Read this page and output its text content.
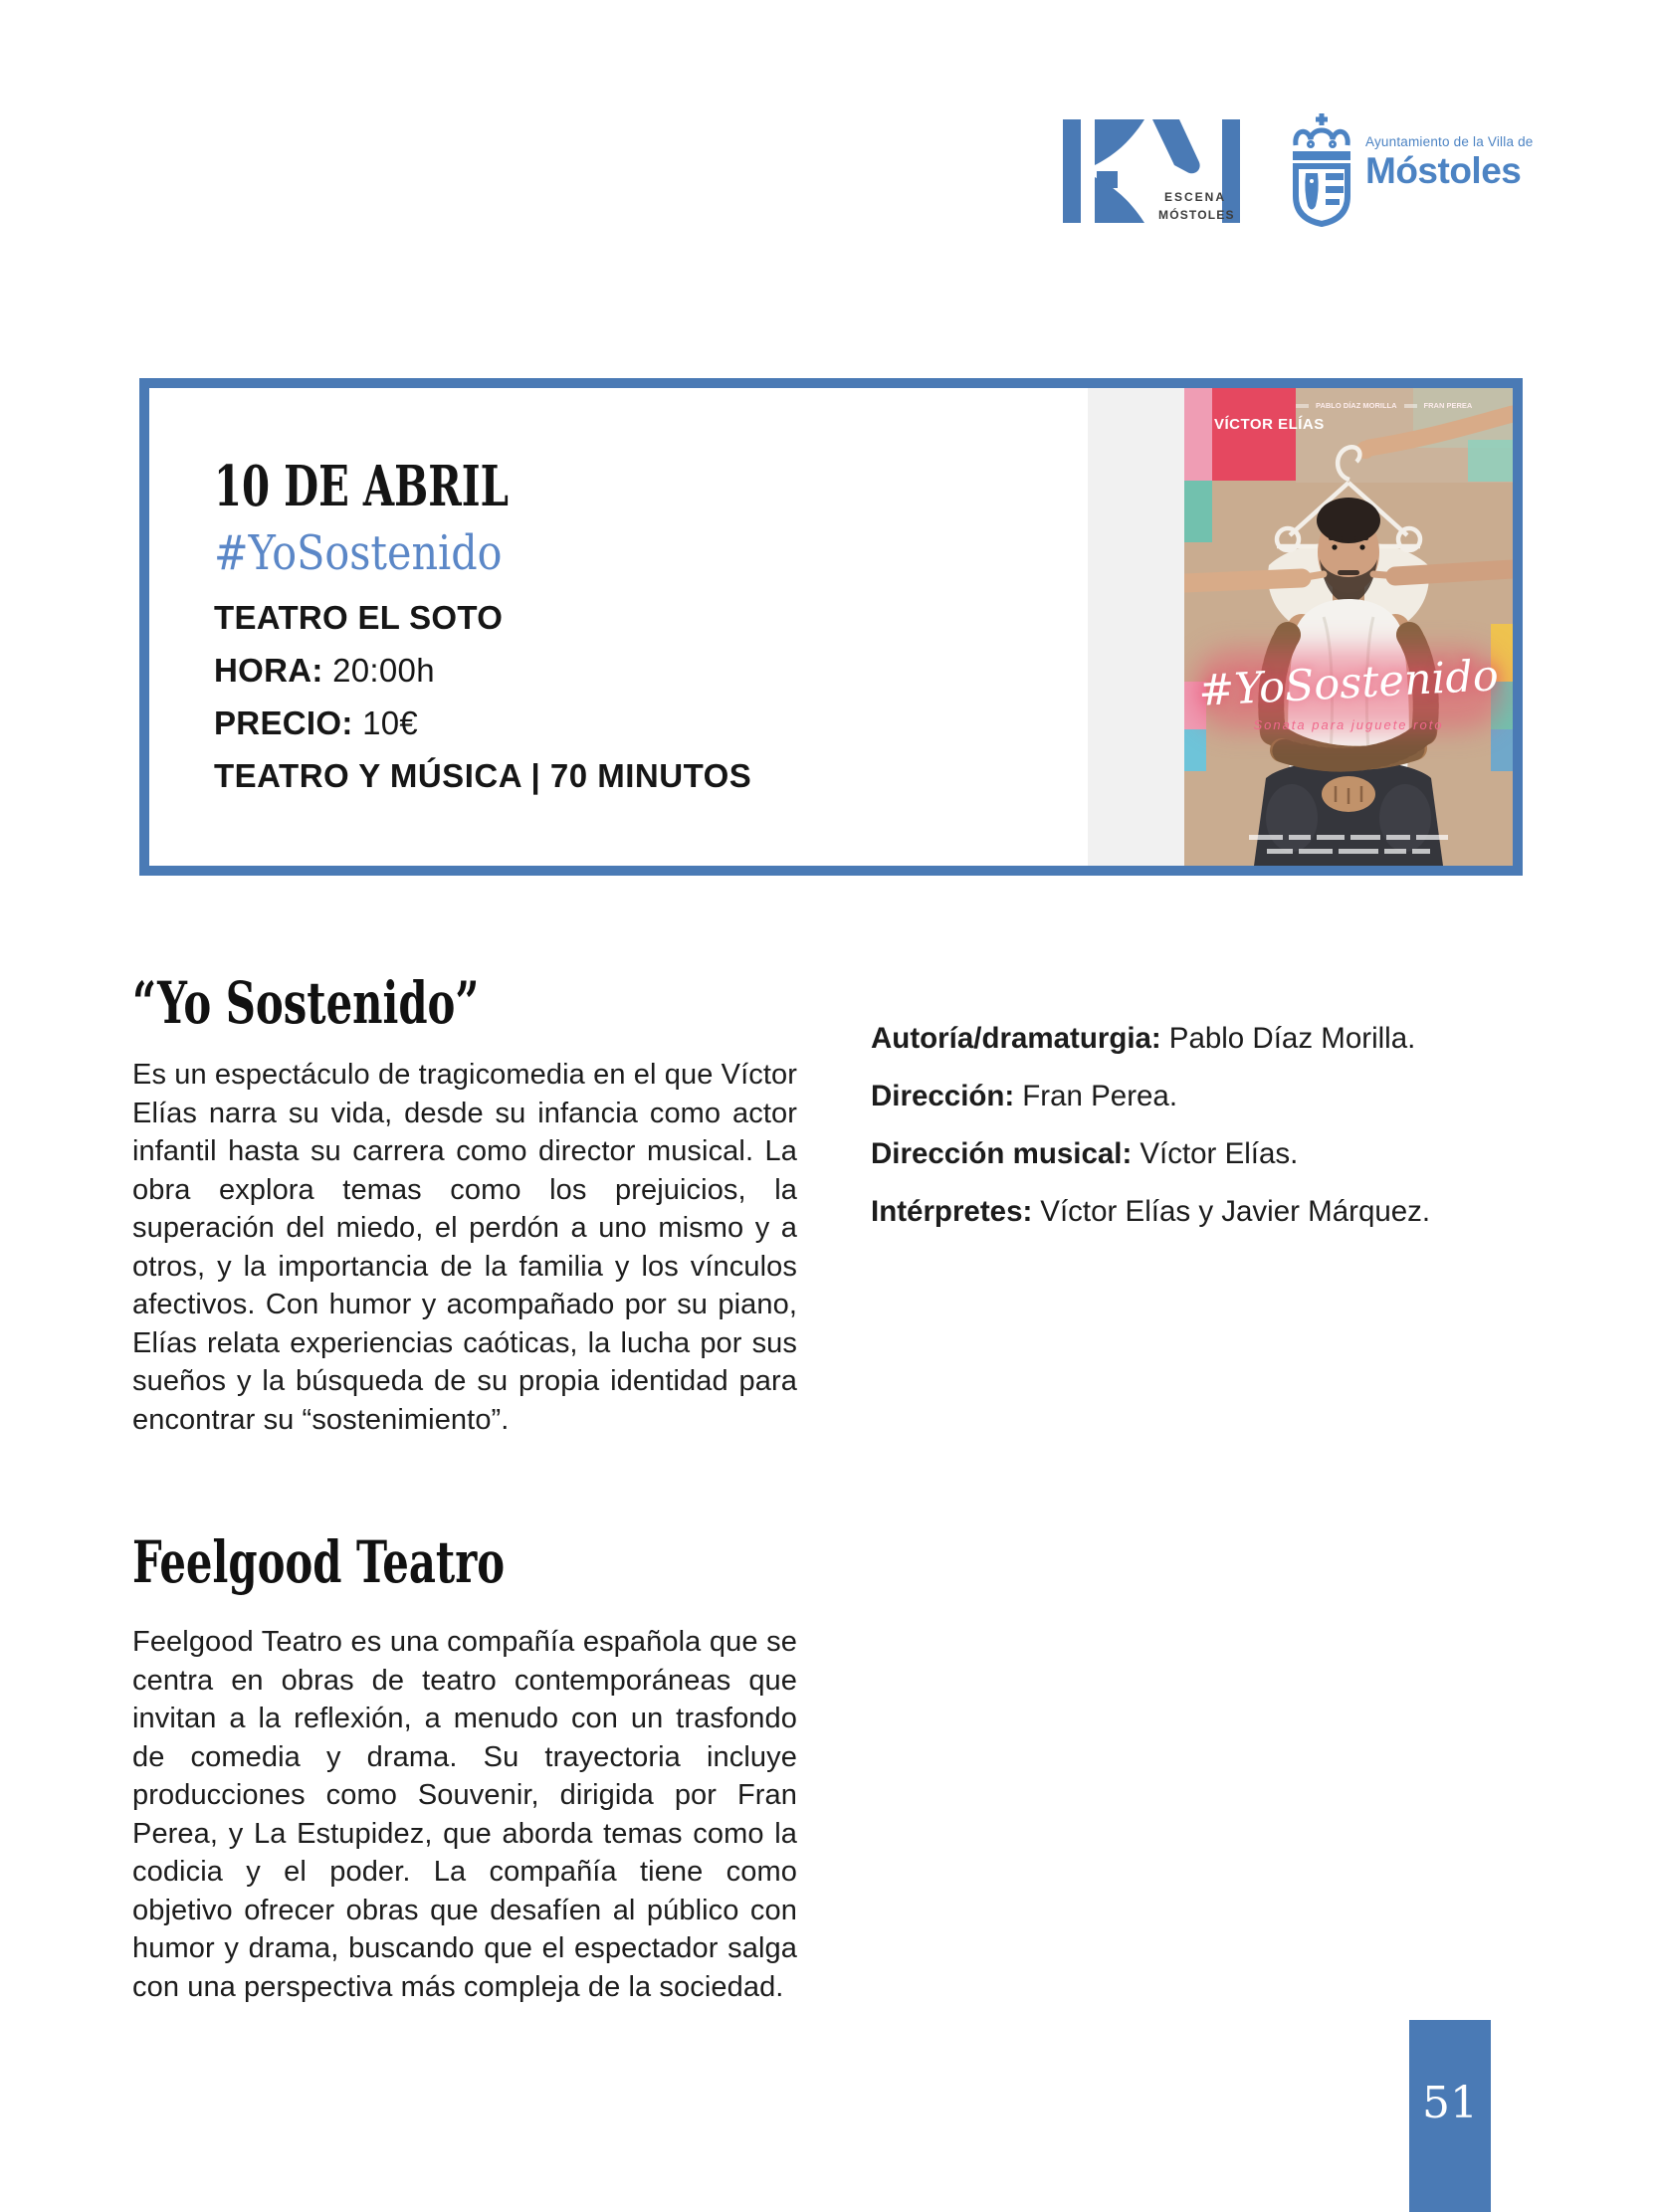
ESCENA
MÓSTOLES
Ayuntamiento de la Villa de
Móstoles
10 DE ABRIL
#YoSostenido
TEATRO EL SOTO
HORA: 20:00h
PRECIO: 10€
TEATRO Y MÚSICA | 70 MINUTOS
VÍCTOR ELÍAS
PABLO DÍAZ MORILLA	FRAN PEREA
#YoSostenido
Sonata para juguete roto
“Yo Sostenido”

Es un espectáculo de tragicomedia en el que Víctor Elías narra su vida, desde su infancia como actor infantil hasta su carrera como director musical. La obra explora temas como los prejuicios, la superación del miedo, el perdón a uno mismo y a otros, y la importancia de la familia y los vínculos afectivos. Con humor y acompañado por su piano, Elías relata experiencias caóticas, la lucha por sus sueños y la búsqueda de su propia identidad para encontrar su “sostenimiento”.

Autoría/dramaturgia: Pablo Díaz Morilla.
Dirección: Fran Perea.
Dirección musical: Víctor Elías.
Intérpretes: Víctor Elías y Javier Márquez.
Feelgood Teatro

Feelgood Teatro es una compañía española que se centra en obras de teatro contemporáneas que invitan a la reflexión, a menudo con un trasfondo de comedia y drama. Su trayectoria incluye producciones como Souvenir, dirigida por Fran Perea, y La Estupidez, que aborda temas como la codicia y el poder. La compañía tiene como objetivo ofrecer obras que desafíen al público con humor y drama, buscando que el espectador salga con una perspectiva más compleja de la sociedad.

51
